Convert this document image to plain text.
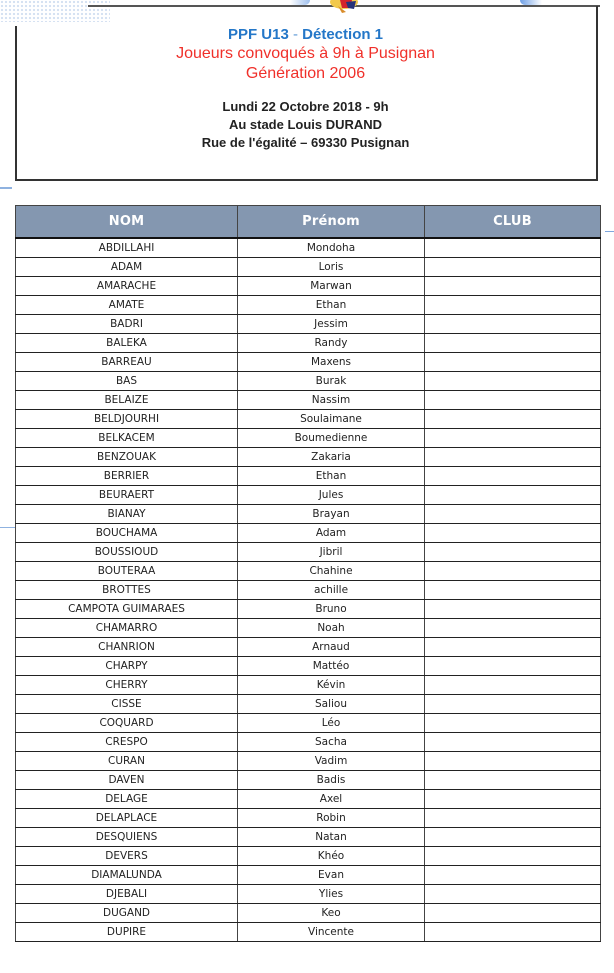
PPF U13 - Détection 1
Joueurs convoqués à 9h à Pusignan
Génération 2006
Lundi 22 Octobre 2018 - 9h
Au stade Louis DURAND
Rue de l'égalité – 69330 Pusignan
NOM	Prénom	CLUB
ABDILLAHI	Mondoha	
ADAM	Loris	
AMARACHE	Marwan	
AMATE	Ethan	
BADRI	Jessim	
BALEKA	Randy	
BARREAU	Maxens	
BAS	Burak	
BELAIZE	Nassim	
BELDJOURHI	Soulaimane	
BELKACEM	Boumedienne	
BENZOUAK	Zakaria	
BERRIER	Ethan	
BEURAERT	Jules	
BIANAY	Brayan	
BOUCHAMA	Adam	
BOUSSIOUD	Jibril	
BOUTERAA	Chahine	
BROTTES	achille	
CAMPOTA GUIMARAES	Bruno	
CHAMARRO	Noah	
CHANRION	Arnaud	
CHARPY	Mattéo	
CHERRY	Kévin	
CISSE	Saliou	
COQUARD	Léo	
CRESPO	Sacha	
CURAN	Vadim	
DAVEN	Badis	
DELAGE	Axel	
DELAPLACE	Robin	
DESQUIENS	Natan	
DEVERS	Khéo	
DIAMALUNDA	Evan	
DJEBALI	Ylies	
DUGAND	Keo	
DUPIRE	Vincente	
